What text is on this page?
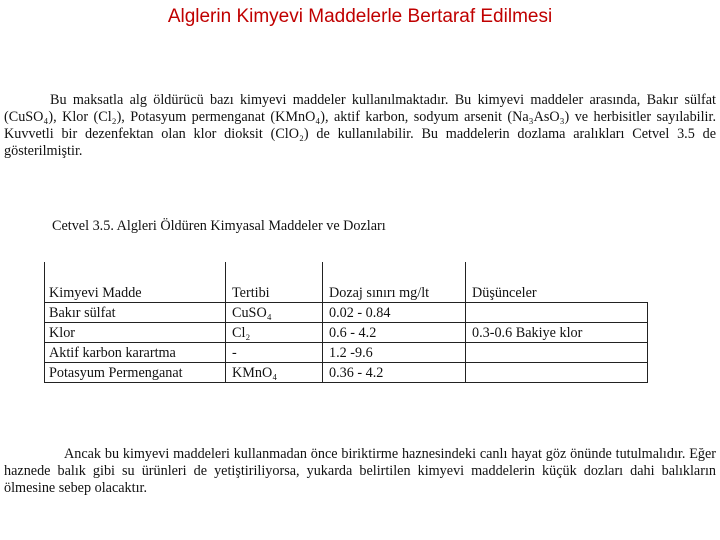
Alglerin Kimyevi Maddelerle Bertaraf Edilmesi

Bu maksatla alg öldürücü bazı kimyevi maddeler kullanılmaktadır. Bu kimyevi maddeler arasında, Bakır sülfat (CuSO₄), Klor (Cl₂), Potasyum permenganat (KMnO₄), aktif karbon, sodyum arsenit (Na₃AsO₃) ve herbisitler sayılabilir. Kuvvetli bir dezenfektan olan klor dioksit (ClO₂) de kullanılabilir. Bu maddelerin dozlama aralıkları Cetvel 3.5 de gösterilmiştir.

Cetvel 3.5. Algleri Öldüren Kimyasal Maddeler ve Dozları
Kimyevi Madde	Tertibi	Dozaj sınırı mg/lt	Düşünceler
Bakır sülfat	CuSO₄	0.02 - 0.84	
Klor	Cl₂	0.6 - 4.2	0.3-0.6 Bakiye klor
Aktif karbon karartma	-	1.2 -9.6	
Potasyum Permenganat	KMnO₄	0.36 - 4.2	

Ancak bu kimyevi maddeleri kullanmadan önce biriktirme haznesindeki canlı hayat göz önünde tutulmalıdır. Eğer haznede balık gibi su ürünleri de yetiştiriliyorsa, yukarda belirtilen kimyevi maddelerin küçük dozları dahi balıkların ölmesine sebep olacaktır.
